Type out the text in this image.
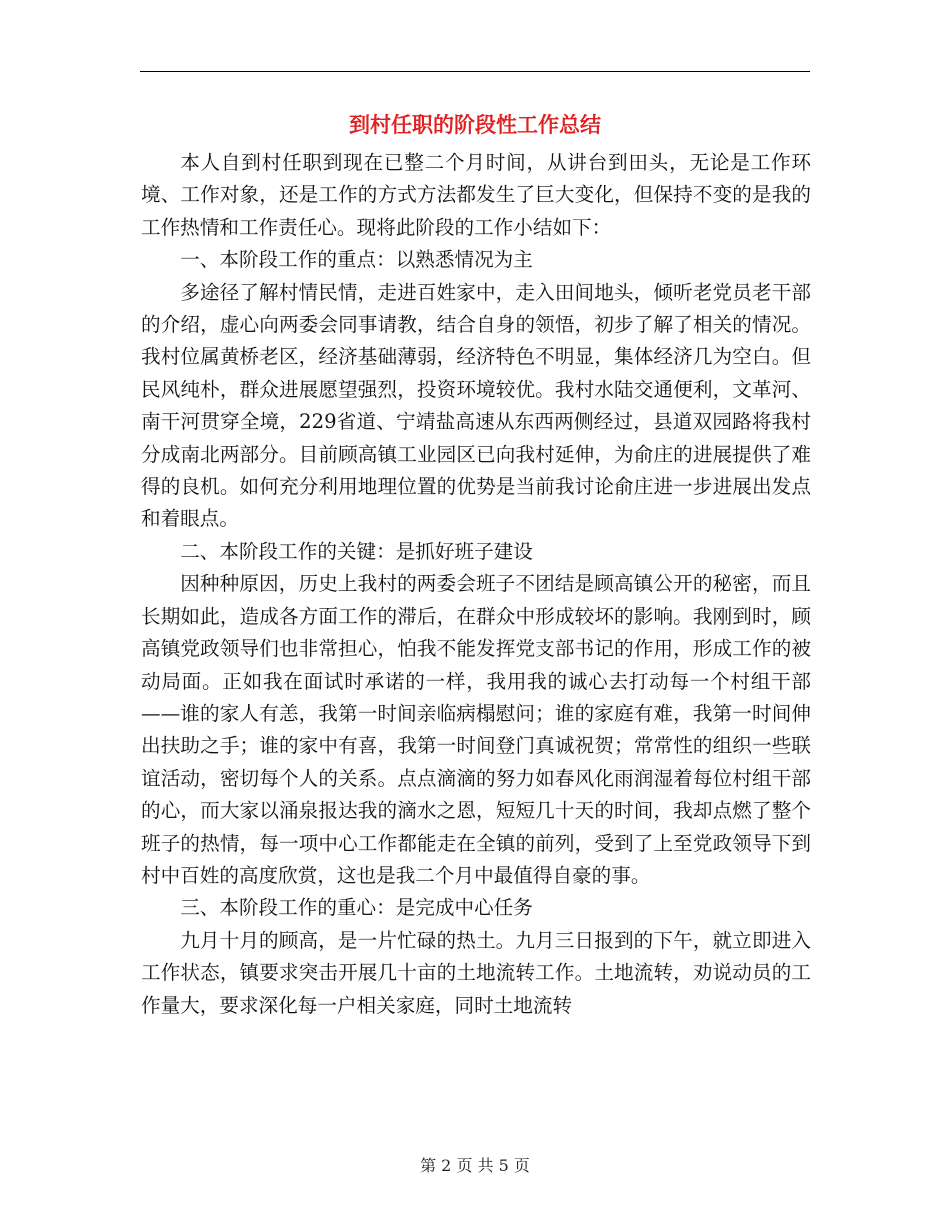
到村任职的阶段性工作总结

本人自到村任职到现在已整二个月时间，从讲台到田头，无论是工作环境、工作对象，还是工作的方式方法都发生了巨大变化，但保持不变的是我的工作热情和工作责任心。现将此阶段的工作小结如下：

一、本阶段工作的重点：以熟悉情况为主

多途径了解村情民情，走进百姓家中，走入田间地头，倾听老党员老干部的介绍，虚心向两委会同事请教，结合自身的领悟，初步了解了相关的情况。我村位属黄桥老区，经济基础薄弱，经济特色不明显，集体经济几为空白。但民风纯朴，群众进展愿望强烈，投资环境较优。我村水陆交通便利，文革河、南干河贯穿全境，229省道、宁靖盐高速从东西两侧经过，县道双园路将我村分成南北两部分。目前顾高镇工业园区已向我村延伸，为俞庄的进展提供了难得的良机。如何充分利用地理位置的优势是当前我讨论俞庄进一步进展出发点和着眼点。

二、本阶段工作的关键：是抓好班子建设

因种种原因，历史上我村的两委会班子不团结是顾高镇公开的秘密，而且长期如此，造成各方面工作的滞后，在群众中形成较坏的影响。我刚到时，顾高镇党政领导们也非常担心，怕我不能发挥党支部书记的作用，形成工作的被动局面。正如我在面试时承诺的一样，我用我的诚心去打动每一个村组干部——谁的家人有恙，我第一时间亲临病榻慰问；谁的家庭有难，我第一时间伸出扶助之手；谁的家中有喜，我第一时间登门真诚祝贺；常常性的组织一些联谊活动，密切每个人的关系。点点滴滴的努力如春风化雨润湿着每位村组干部的心，而大家以涌泉报达我的滴水之恩，短短几十天的时间，我却点燃了整个班子的热情，每一项中心工作都能走在全镇的前列，受到了上至党政领导下到村中百姓的高度欣赏，这也是我二个月中最值得自豪的事。

三、本阶段工作的重心：是完成中心任务

九月十月的顾高，是一片忙碌的热土。九月三日报到的下午，就立即进入工作状态，镇要求突击开展几十亩的土地流转工作。土地流转，劝说动员的工作量大，要求深化每一户相关家庭，同时土地流转

第 2 页 共 5 页
